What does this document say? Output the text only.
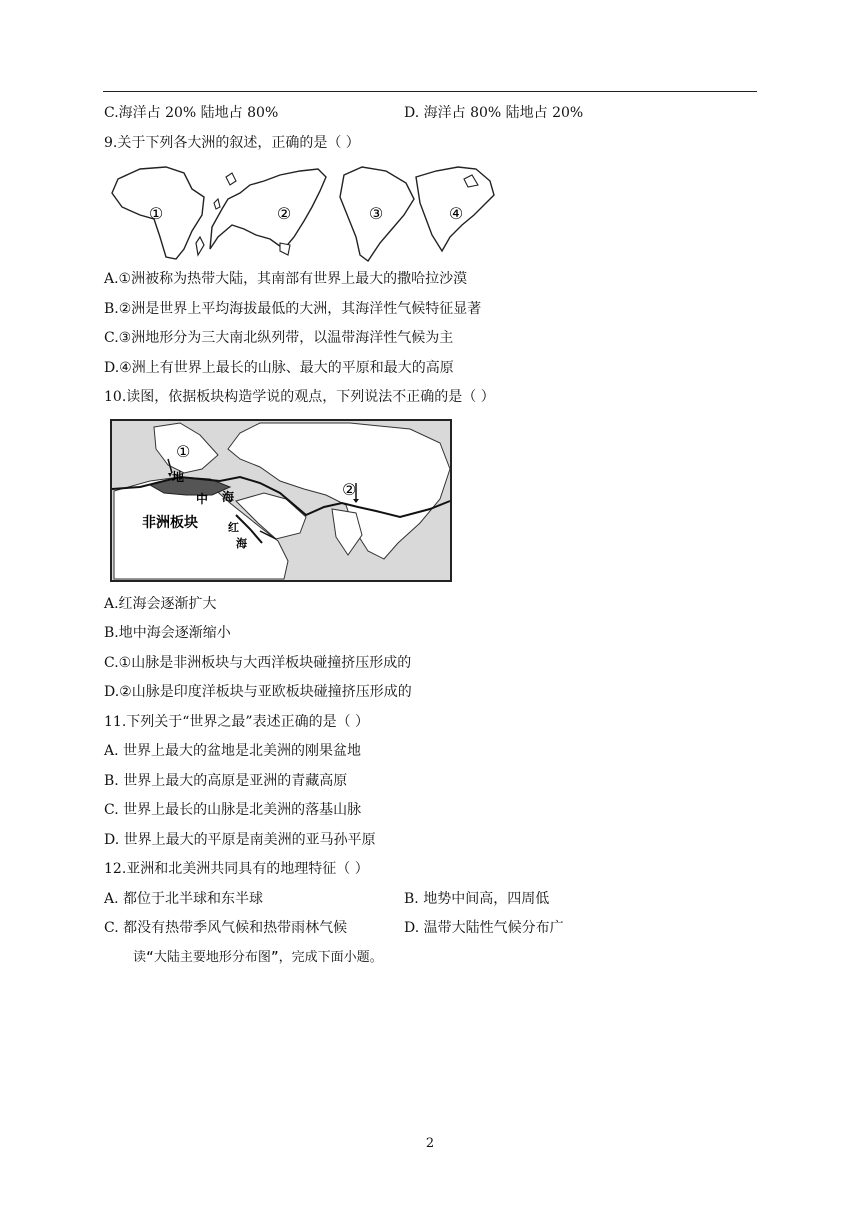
C.海洋占 20% 陆地占 80%	D. 海洋占 80% 陆地占 20%
9.关于下列各大洲的叙述，正确的是（ ）
①	②	③	④
A.①洲被称为热带大陆，其南部有世界上最大的撒哈拉沙漠
B.②洲是世界上平均海拔最低的大洲，其海洋性气候特征显著
C.③洲地形分为三大南北纵列带，以温带海洋性气候为主
D.④洲上有世界上最长的山脉、最大的平原和最大的高原
10.读图，依据板块构造学说的观点，下列说法不正确的是（ ）
①
②
地
中 海
非洲板块	红
海
A.红海会逐渐扩大
B.地中海会逐渐缩小
C.①山脉是非洲板块与大西洋板块碰撞挤压形成的
D.②山脉是印度洋板块与亚欧板块碰撞挤压形成的
11.下列关于“世界之最”表述正确的是（ ）
A. 世界上最大的盆地是北美洲的刚果盆地
B. 世界上最大的高原是亚洲的青藏高原
C. 世界上最长的山脉是北美洲的落基山脉
D. 世界上最大的平原是南美洲的亚马孙平原
12.亚洲和北美洲共同具有的地理特征（ ）
A. 都位于北半球和东半球	B. 地势中间高，四周低
C. 都没有热带季风气候和热带雨林气候	D. 温带大陆性气候分布广
读“大陆主要地形分布图”，完成下面小题。
2
